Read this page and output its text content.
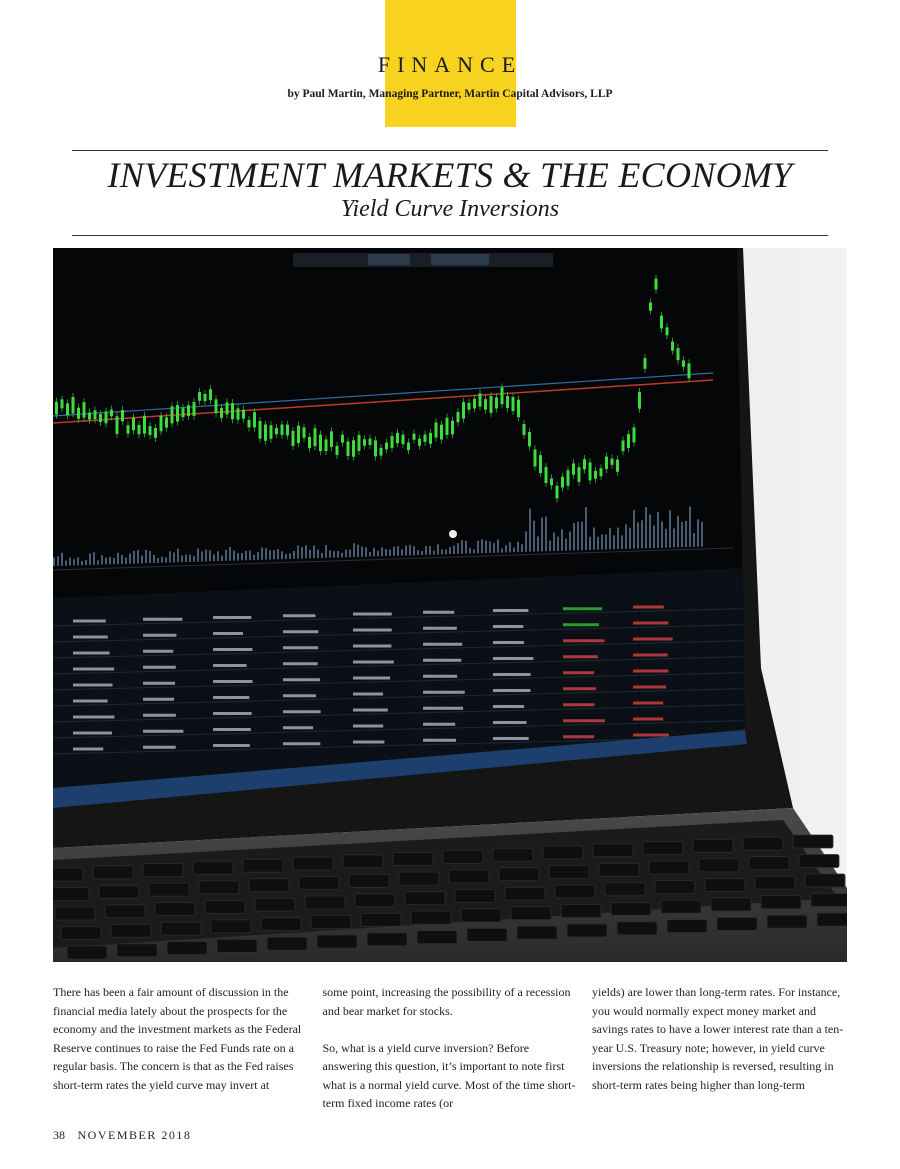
FINANCE
by Paul Martin, Managing Partner, Martin Capital Advisors, LLP
INVESTMENT MARKETS & THE ECONOMY
Yield Curve Inversions

There has been a fair amount of discussion in the financial media lately about the prospects for the economy and the investment markets as the Federal Reserve continues to raise the Fed Funds rate on a regular basis. The concern is that as the Fed raises short-term rates the yield curve may invert at

some point, increasing the possibility of a recession and bear market for stocks.

So, what is a yield curve inversion? Before answering this question, it’s important to note first what is a normal yield curve. Most of the time short-term fixed income rates (or

yields) are lower than long-term rates. For instance, you would normally expect money market and savings rates to have a lower interest rate than a ten-year U.S. Treasury note; however, in yield curve inversions the relationship is reversed, resulting in short-term rates being higher than long-term

38 NOVEMBER 2018
